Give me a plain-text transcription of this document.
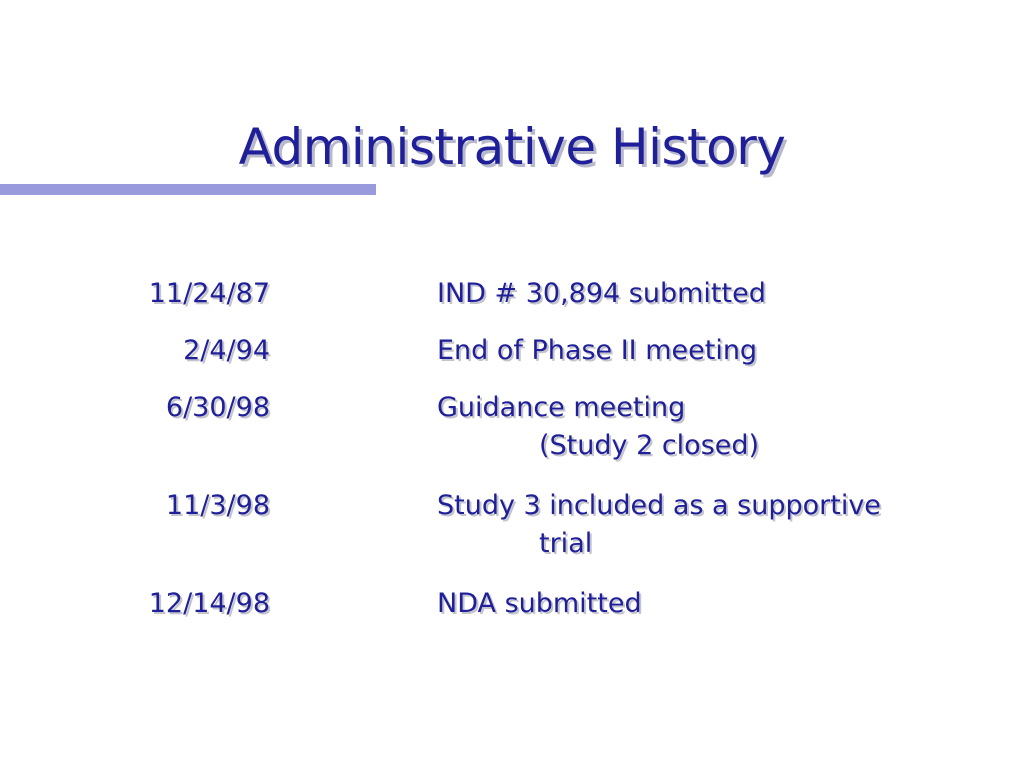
Administrative History
11/24/87	IND # 30,894 submitted
2/4/94	End of Phase II meeting
6/30/98	Guidance meeting
(Study 2 closed)
11/3/98	Study 3 included as a supportive
trial
12/14/98	NDA submitted
